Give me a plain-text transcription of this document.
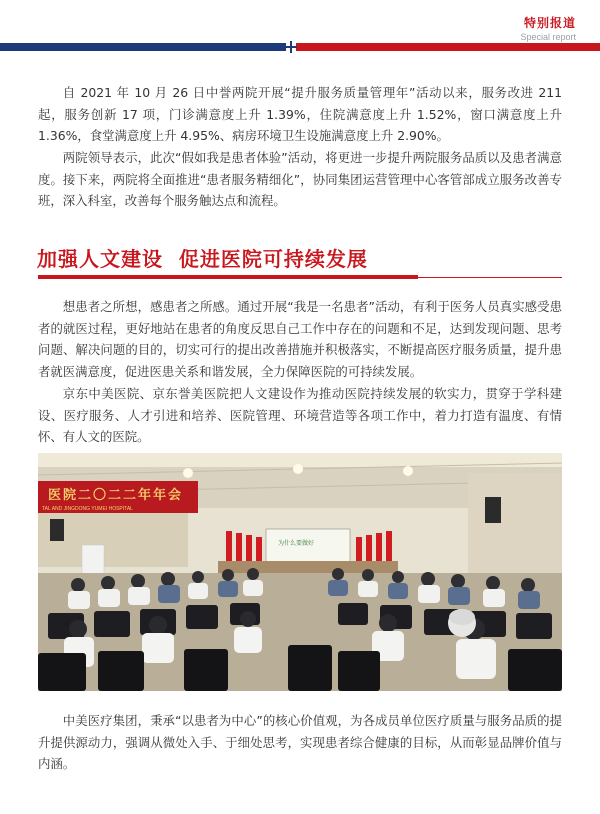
特别报道
Special report

自 2021 年 10 月 26 日中誉两院开展“提升服务质量管理年”活动以来，服务改进 211 起，服务创新 17 项，门诊满意度上升 1.39%，住院满意度上升 1.52%，窗口满意度上升 1.36%，食堂满意度上升 4.95%、病房环境卫生设施满意度上升 2.90%。

两院领导表示，此次“假如我是患者体验”活动，将更进一步提升两院服务品质以及患者满意度。接下来，两院将全面推进“患者服务精细化”，协同集团运营管理中心客管部成立服务改善专班，深入科室，改善每个服务触达点和流程。

加强人文建设  促进医院可持续发展

想患者之所想，感患者之所感。通过开展“我是一名患者”活动，有利于医务人员真实感受患者的就医过程，更好地站在患者的角度反思自己工作中存在的问题和不足，达到发现问题、思考问题、解决问题的目的，切实可行的提出改善措施并积极落实，不断提高医疗服务质量，提升患者就医满意度，促进医患关系和谐发展，全力保障医院的可持续发展。

京东中美医院、京东誉美医院把人文建设作为推动医院持续发展的软实力，贯穿于学科建设、医疗服务、人才引进和培养、医院管理、环境营造等各项工作中，着力打造有温度、有情怀、有人文的医院。

医院二〇二二年年会
TAL AND JINGDONG YUMEI HOSPITAL
为什么要做好

中美医疗集团，秉承“以患者为中心”的核心价值观，为各成员单位医疗质量与服务品质的提升提供源动力，强调从微处入手、于细处思考，实现患者综合健康的目标，从而彰显品牌价值与内涵。
